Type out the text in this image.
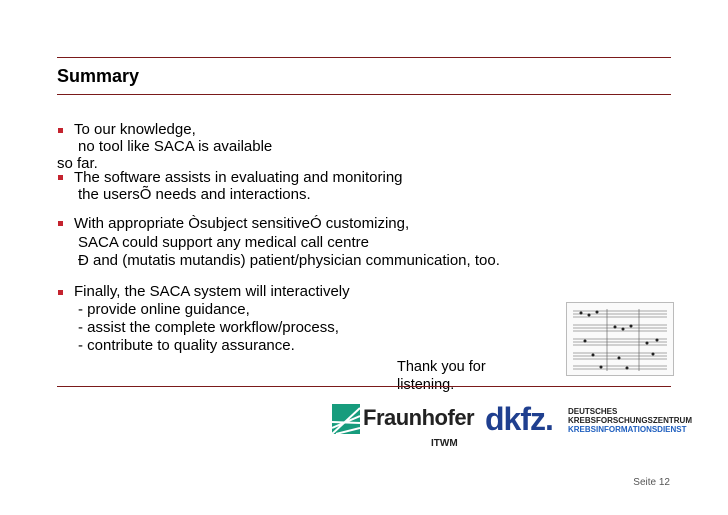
Summary
To our knowledge,
no tool like SACA is available
so far.
The software assists in evaluating and monitoring
the usersÕ needs and interactions.
With appropriate Òsubject sensitiveÓ customizing,
SACA could support any medical call centre
Ð and (mutatis mutandis) patient/physician communication, too.
Finally, the SACA system will interactively
- provide online guidance,
- assist the complete workflow/process,
- contribute to quality assurance.
Thank you for
listening.
Fraunhofer
ITWM
dkfz. DEUTSCHES
KREBSFORSCHUNGSZENTRUM
KREBSINFORMATIONSDIENST
Seite 12
